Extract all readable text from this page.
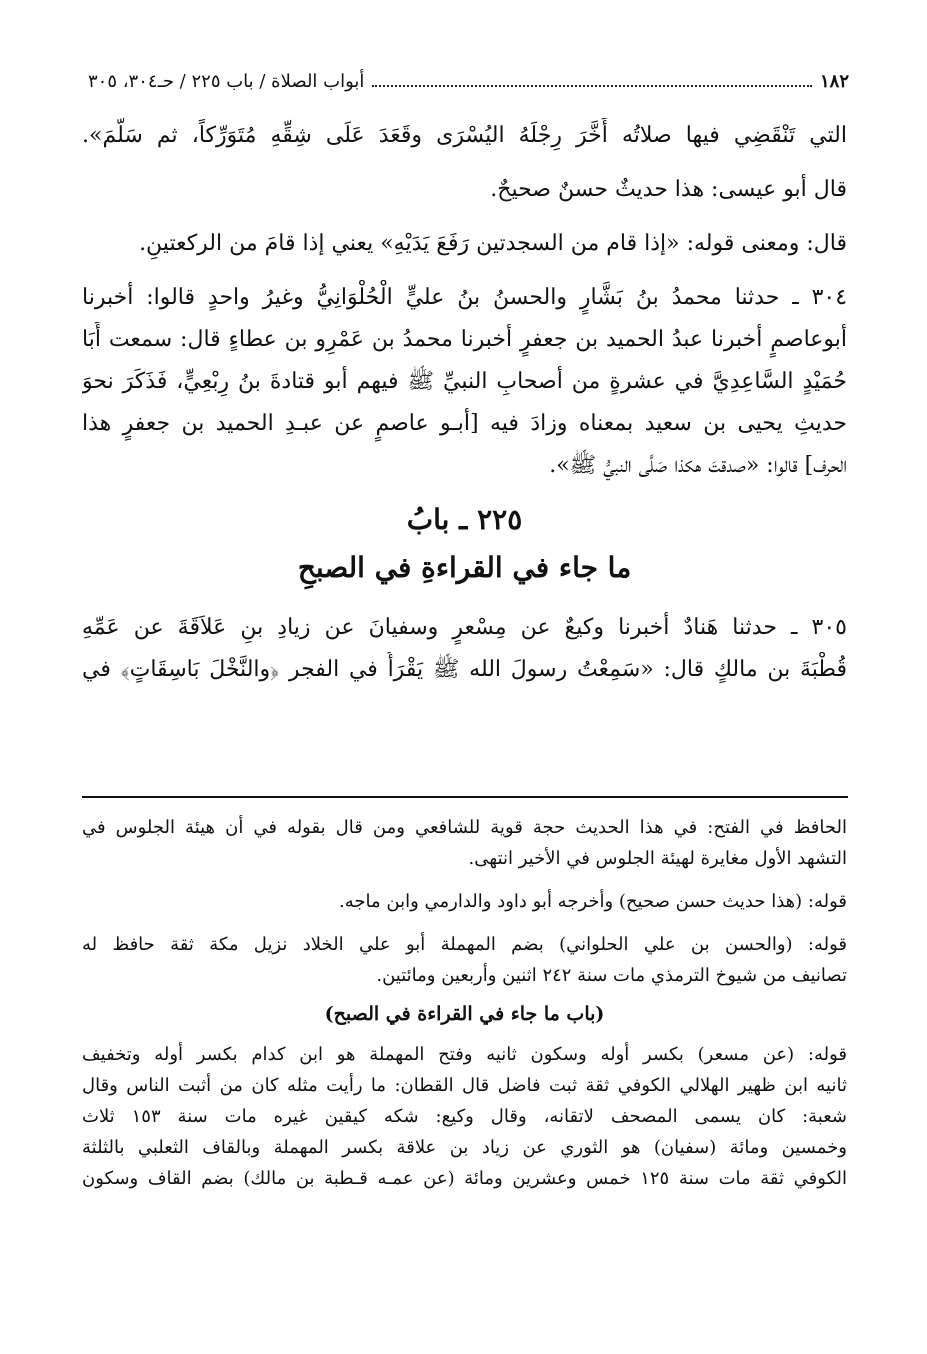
١٨٢
أبواب الصلاة / باب ٢٢٥ / حـ٣٠٤، ٣٠٥
التي تَنْقَضِي فيها صلاتُه أَخَّرَ رِجْلَهُ اليُسْرَى وقَعَدَ عَلَى شِقِّهِ مُتَوَرِّكاً، ثم سَلَّمَ».
قال أبو عيسى: هذا حديثٌ حسنٌ صحيحٌ.
قال: ومعنى قوله: «إذا قام من السجدتين رَفَعَ يَدَيْهِ» يعني إذا قامَ من الركعتينِ.
٣٠٤ ـ حدثنا محمدُ بنُ بَشَّارٍ والحسنُ بنُ عليٍّ الْحُلْوَانِيُّ وغيرُ واحدٍ قالوا: أخبرنا
أبوعاصمٍ أخبرنا عبدُ الحميد بن جعفرٍ أخبرنا محمدُ بن عَمْرِو بن عطاءٍ قال: سمعت أَبَا
حُمَيْدٍ السَّاعِدِيَّ في عشرةٍ من أصحابِ النبيِّ ﷺ فيهم أبو قتادةَ بنُ رِبْعِيٍّ، فَذَكَرَ نحوَ
حديثِ يحيى بن سعيد بمعناه وزادَ فيه [أبـو عاصمٍ عن عبـدِ الحميد بن جعفرٍ هذا
الحرف] قالوا: «صدقتَ هكذا صَلَّى النبيُّ ﷺ».
٢٢٥ ـ بابُ
ما جاء في القراءةِ في الصبحِ
٣٠٥ ـ حدثنا هَنادٌ أخبرنا وكيعٌ عن مِسْعرٍ وسفيانَ عن زيادِ بنِ عَلاَقَةَ عن عَمِّهِ
قُطْبَةَ بن مالكٍ قال: «سَمِعْتُ رسولَ الله ﷺ يَقْرَأُ في الفجر ﴿والنَّخْلَ بَاسِقَاتٍ﴾ في
الحافظ في الفتح: في هذا الحديث حجة قوية للشافعي ومن قال بقوله في أن هيئة الجلوس في
التشهد الأول مغايرة لهيئة الجلوس في الأخير انتهى.
قوله: (هذا حديث حسن صحيح) وأخرجه أبو داود والدارمي وابن ماجه.
قوله: (والحسن بن علي الحلواني) بضم المهملة أبو علي الخلاد نزيل مكة ثقة حافظ له
تصانيف من شيوخ الترمذي مات سنة ٢٤٢ اثنين وأربعين ومائتين.
(باب ما جاء في القراءة في الصبح)
قوله: (عن مسعر) بكسر أوله وسكون ثانيه وفتح المهملة هو ابن كدام بكسر أوله وتخفيف
ثانيه ابن ظهير الهلالي الكوفي ثقة ثبت فاضل قال القطان: ما رأيت مثله كان من أثبت الناس وقال
شعبة: كان يسمى المصحف لاتقانه، وقال وكيع: شكه كيقين غيره مات سنة ١٥٣ ثلاث
وخمسين ومائة (سفيان) هو الثوري عن زياد بن علاقة بكسر المهملة وبالقاف الثعلبي بالثلثة
الكوفي ثقة مات سنة ١٢٥ خمس وعشرين ومائة (عن عمـه قـطبة بن مالك) بضم القاف وسكون
